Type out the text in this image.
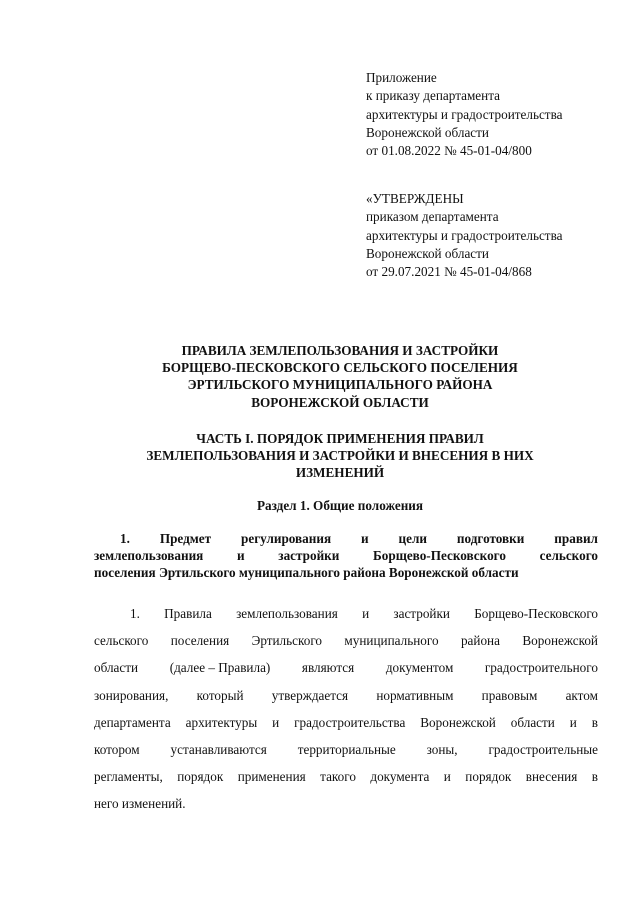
Приложение
к приказу департамента
архитектуры и градостроительства
Воронежской области
от 01.08.2022 № 45-01-04/800
«УТВЕРЖДЕНЫ
приказом департамента
архитектуры и градостроительства
Воронежской области
от 29.07.2021 № 45-01-04/868
ПРАВИЛА ЗЕМЛЕПОЛЬЗОВАНИЯ И ЗАСТРОЙКИ
БОРЩЕВО-ПЕСКОВСКОГО СЕЛЬСКОГО ПОСЕЛЕНИЯ
ЭРТИЛЬСКОГО МУНИЦИПАЛЬНОГО РАЙОНА
ВОРОНЕЖСКОЙ ОБЛАСТИ
ЧАСТЬ I. ПОРЯДОК ПРИМЕНЕНИЯ ПРАВИЛ
ЗЕМЛЕПОЛЬЗОВАНИЯ И ЗАСТРОЙКИ И ВНЕСЕНИЯ В НИХ
ИЗМЕНЕНИЙ
Раздел 1. Общие положения
1. Предмет регулирования и цели подготовки правил
землепользования	и	застройки	Борщево-Песковского	сельского
поселения Эртильского муниципального района Воронежской области
1. Правила землепользования и застройки Борщево-Песковского
сельского поселения Эртильского муниципального района Воронежской
области (далее – Правила) являются документом градостроительного
зонирования, который утверждается нормативным правовым актом
департамента архитектуры и градостроительства Воронежской области и в
котором устанавливаются территориальные зоны, градостроительные
регламенты, порядок применения такого документа и порядок внесения в
него изменений.
